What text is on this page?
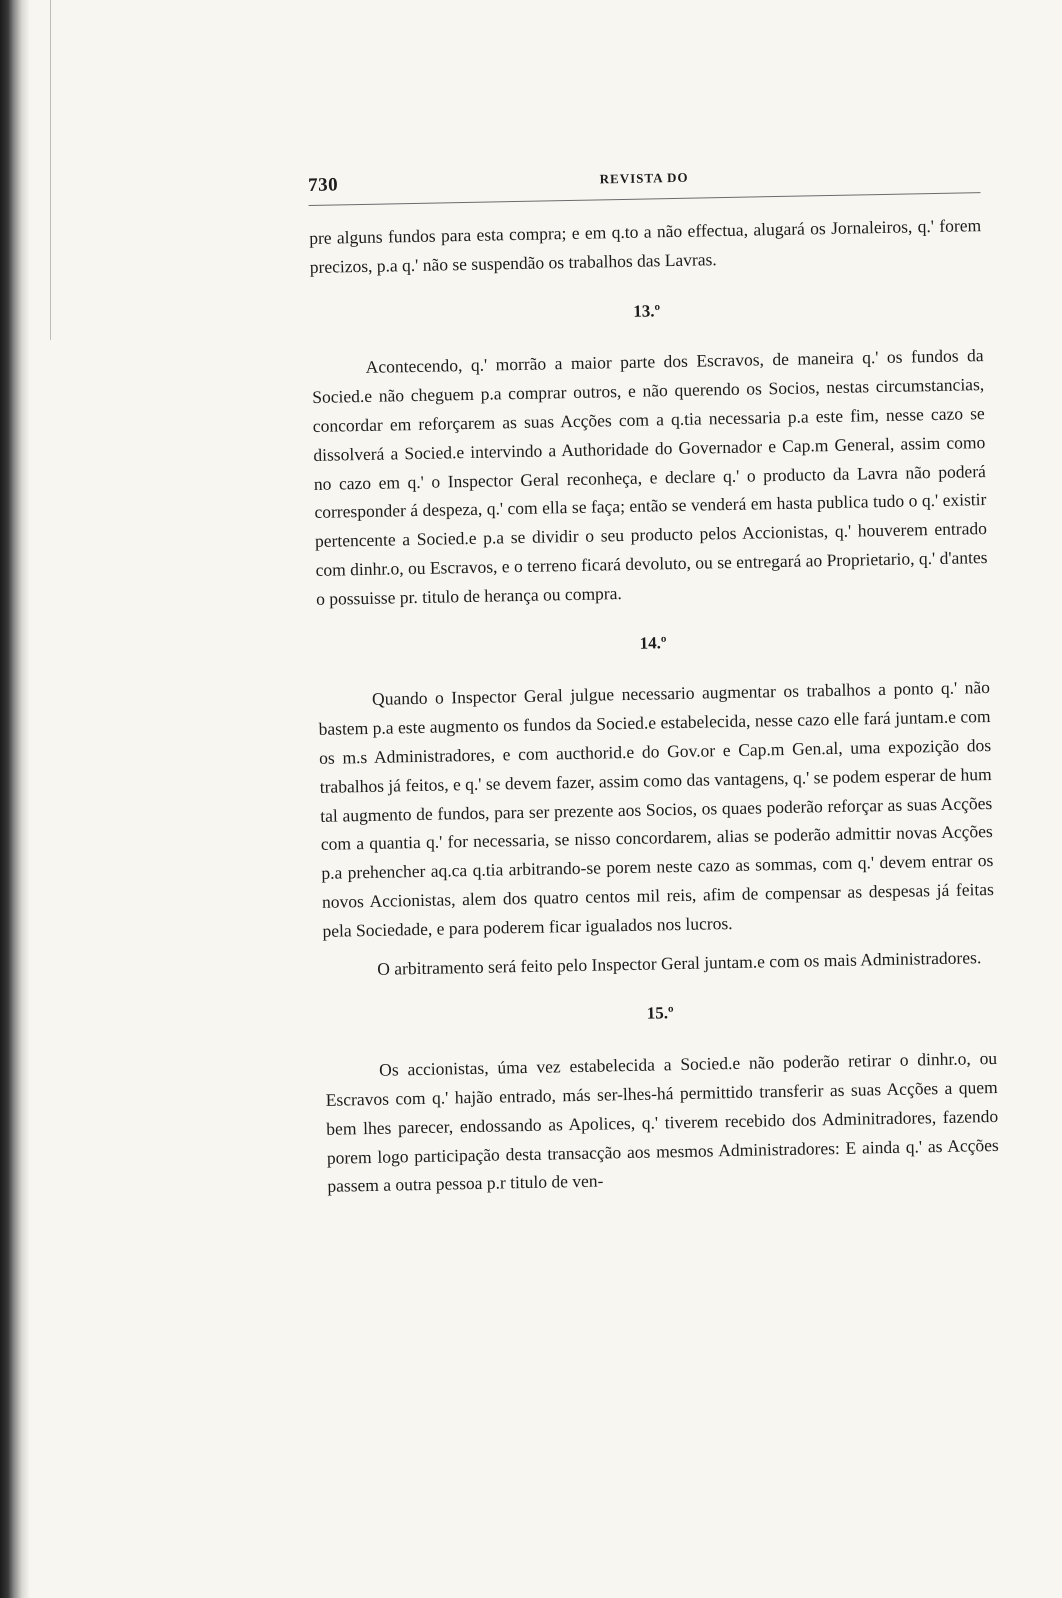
730	REVISTA DO

pre alguns fundos para esta compra; e em q.to a não effectua, alugará os Jornaleiros, q.' forem precizos, p.a q.' não se suspendão os trabalhos das Lavras.

13.º

Acontecendo, q.' morrão a maior parte dos Escravos, de maneira q.' os fundos da Socied.e não cheguem p.a comprar outros, e não querendo os Socios, nestas circumstancias, concordar em reforçarem as suas Acções com a q.tia necessaria p.a este fim, nesse cazo se dissolverá a Socied.e intervindo a Authoridade do Governador e Cap.m General, assim como no cazo em q.' o Inspector Geral reconheça, e declare q.' o producto da Lavra não poderá corresponder á despeza, q.' com ella se faça; então se venderá em hasta publica tudo o q.' existir pertencente a Socied.e p.a se dividir o seu producto pelos Accionistas, q.' houverem entrado com dinhr.o, ou Escravos, e o terreno ficará devoluto, ou se entregará ao Proprietario, q.' d'antes o possuisse pr. titulo de herança ou compra.

14.º

Quando o Inspector Geral julgue necessario augmentar os trabalhos a ponto q.' não bastem p.a este augmento os fundos da Socied.e estabelecida, nesse cazo elle fará juntam.e com os m.s Administradores, e com aucthorid.e do Gov.or e Cap.m Gen.al, uma expozição dos trabalhos já feitos, e q.' se devem fazer, assim como das vantagens, q.' se podem esperar de hum tal augmento de fundos, para ser prezente aos Socios, os quaes poderão reforçar as suas Acções com a quantia q.' for necessaria, se nisso concordarem, alias se poderão admittir novas Acções p.a prehencher aq.ca q.tia arbitrando-se porem neste cazo as sommas, com q.' devem entrar os novos Accionistas, alem dos quatro centos mil reis, afim de compensar as despesas já feitas pela Sociedade, e para poderem ficar igualados nos lucros.

O arbitramento será feito pelo Inspector Geral juntam.e com os mais Administradores.

15.º

Os accionistas, úma vez estabelecida a Socied.e não poderão retirar o dinhr.o, ou Escravos com q.' hajão entrado, más ser-lhes-há permittido transferir as suas Acções a quem bem lhes parecer, endossando as Apolices, q.' tiverem recebido dos Adminitradores, fazendo porem logo participação desta transacção aos mesmos Administradores: E ainda q.' as Acções passem a outra pessoa p.r titulo de ven-
